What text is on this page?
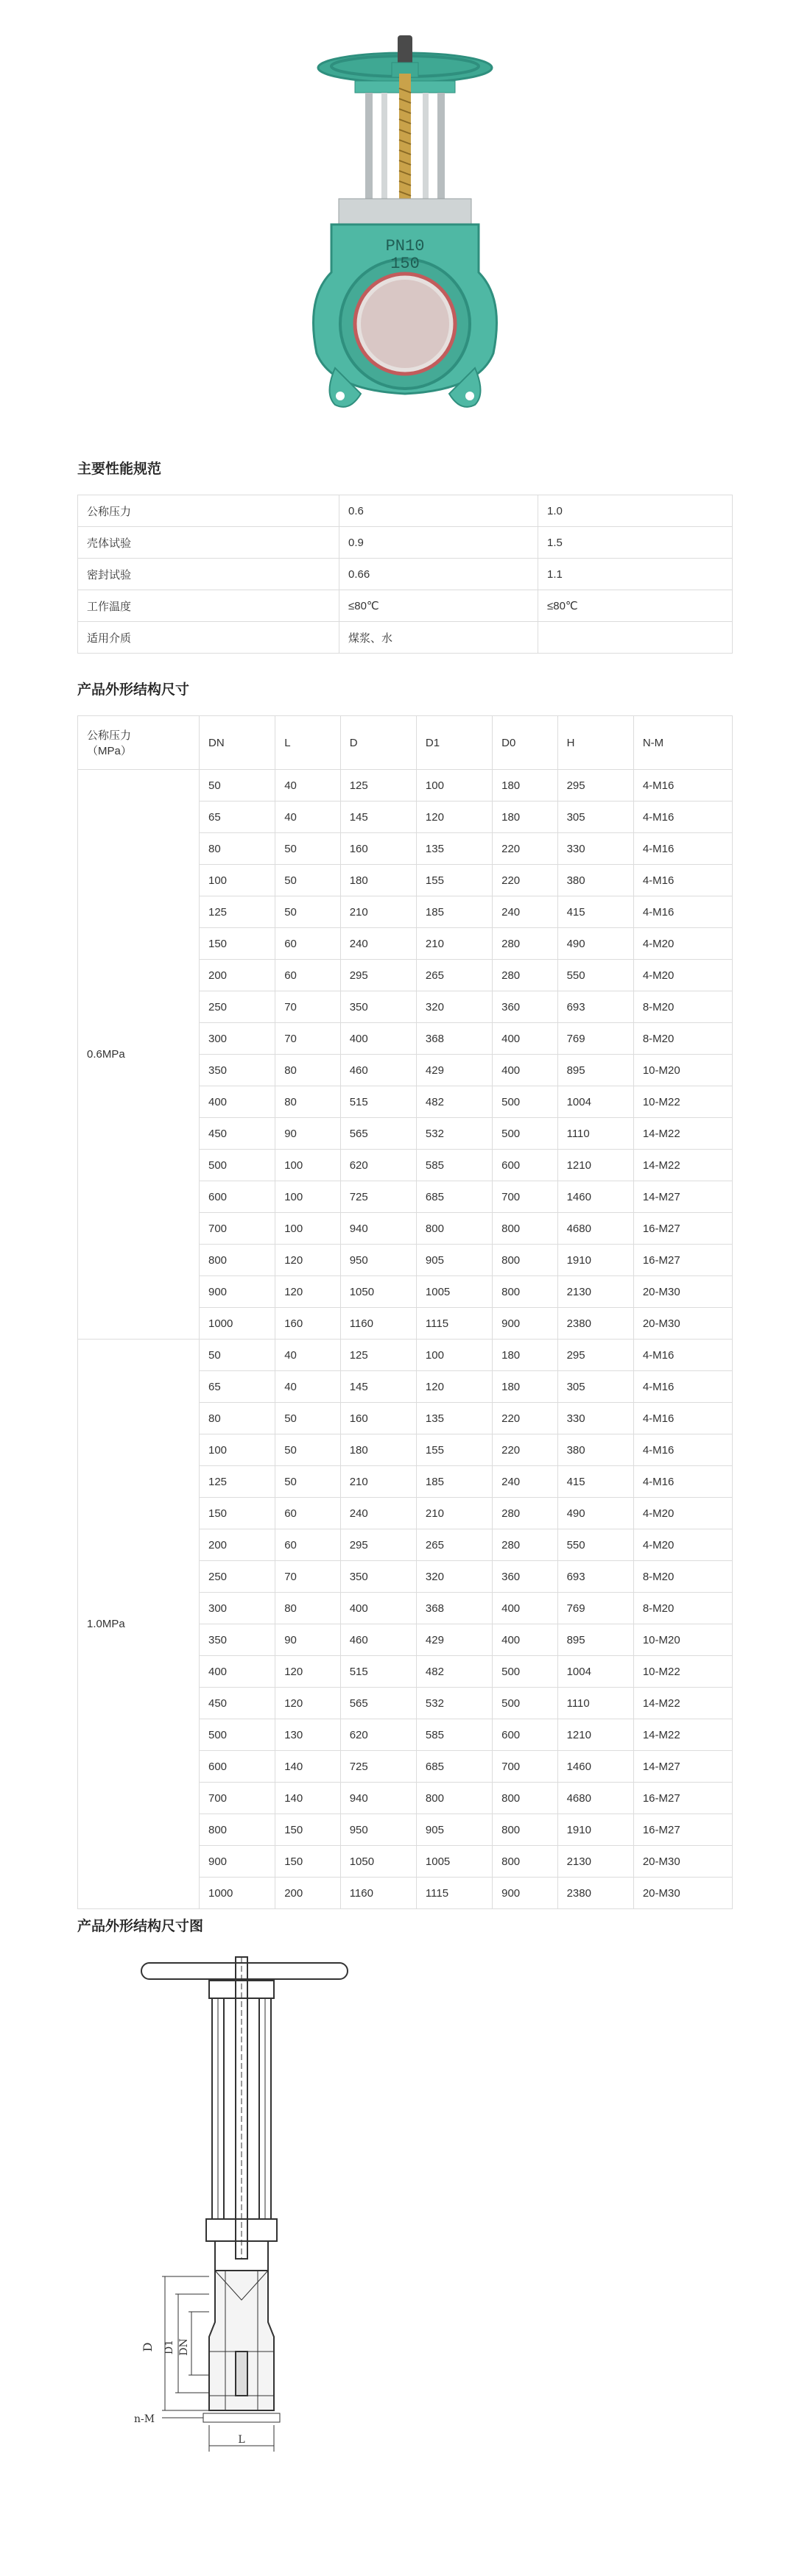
PN10
150
主要性能规范
公称压力	0.6	1.0
壳体试验	0.9	1.5
密封试验	0.66	1.1
工作温度	≤80℃	≤80℃
适用介质	煤浆、水	
产品外形结构尺寸
公称压力
（MPa）	DN	L	D	D1	D0	H	N-M
0.6MPa	50	40	125	100	180	295	4-M16
	65	40	145	120	180	305	4-M16
	80	50	160	135	220	330	4-M16
	100	50	180	155	220	380	4-M16
	125	50	210	185	240	415	4-M16
	150	60	240	210	280	490	4-M20
	200	60	295	265	280	550	4-M20
	250	70	350	320	360	693	8-M20
	300	70	400	368	400	769	8-M20
	350	80	460	429	400	895	10-M20
	400	80	515	482	500	1004	10-M22
	450	90	565	532	500	1110	14-M22
	500	100	620	585	600	1210	14-M22
	600	100	725	685	700	1460	14-M27
	700	100	940	800	800	4680	16-M27
	800	120	950	905	800	1910	16-M27
	900	120	1050	1005	800	2130	20-M30
	1000	160	1160	1115	900	2380	20-M30
1.0MPa	50	40	125	100	180	295	4-M16
	65	40	145	120	180	305	4-M16
	80	50	160	135	220	330	4-M16
	100	50	180	155	220	380	4-M16
	125	50	210	185	240	415	4-M16
	150	60	240	210	280	490	4-M20
	200	60	295	265	280	550	4-M20
	250	70	350	320	360	693	8-M20
	300	80	400	368	400	769	8-M20
	350	90	460	429	400	895	10-M20
	400	120	515	482	500	1004	10-M22
	450	120	565	532	500	1110	14-M22
	500	130	620	585	600	1210	14-M22
	600	140	725	685	700	1460	14-M27
	700	140	940	800	800	4680	16-M27
	800	150	950	905	800	1910	16-M27
	900	150	1050	1005	800	2130	20-M30
	1000	200	1160	1115	900	2380	20-M30
产品外形结构尺寸图
D D1 DN
n-M
L
